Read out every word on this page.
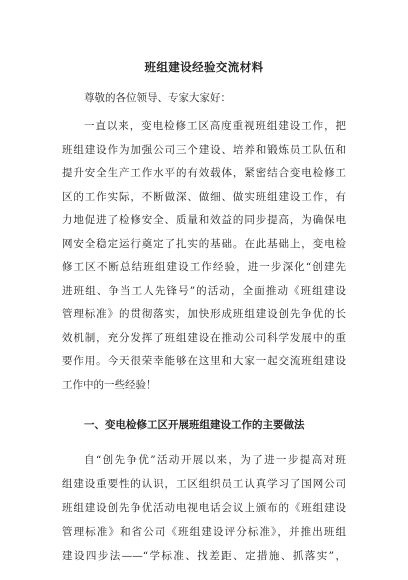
班组建设经验交流材料
尊敬的各位领导、专家大家好：
一直以来，变电检修工区高度重视班组建设工作，把
班组建设作为加强公司三个建设、培养和锻炼员工队伍和
提升安全生产工作水平的有效载体，紧密结合变电检修工
区的工作实际，不断做深、做细、做实班组建设工作，有
力地促进了检修安全、质量和效益的同步提高，为确保电
网安全稳定运行奠定了扎实的基础。在此基础上，变电检
修工区不断总结班组建设工作经验，进一步深化“创建先
进班组、争当工人先锋号”的活动，全面推动《班组建设
管理标准》的贯彻落实，加快形成班组建设创先争优的长
效机制，充分发挥了班组建设在推动公司科学发展中的重
要作用。今天很荣幸能够在这里和大家一起交流班组建设
工作中的一些经验！
一、变电检修工区开展班组建设工作的主要做法
自“创先争优”活动开展以来，为了进一步提高对班
组建设重要性的认识，工区组织员工认真学习了国网公司
班组建设创先争优活动电视电话会议上颁布的《班组建设
管理标准》和省公司《班组建设评分标准》，并推出班组
建设四步法——“学标准、找差距、定措施、抓落实”，
